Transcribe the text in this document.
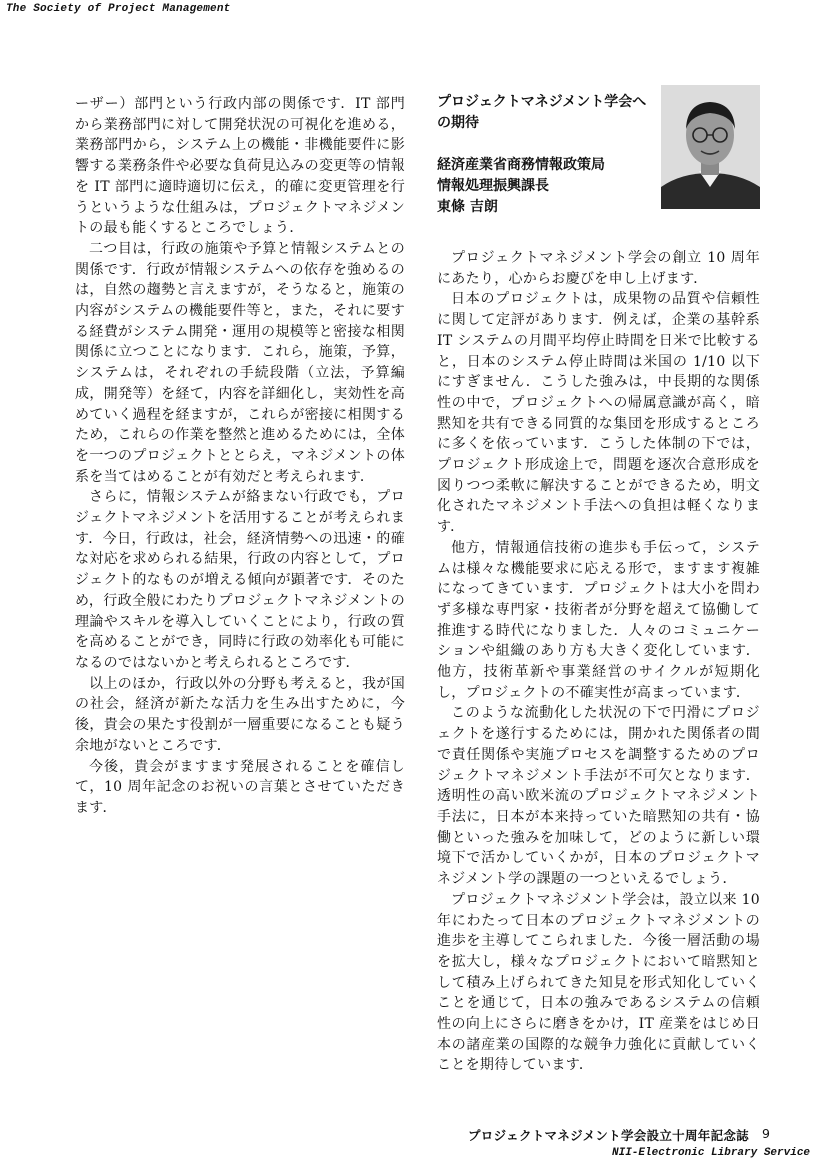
The Society of Project Management

ーザー）部門という行政内部の関係です．IT 部門から業務部門に対して開発状況の可視化を進める，業務部門から，システム上の機能・非機能要件に影響する業務条件や必要な負荷見込みの変更等の情報を IT 部門に適時適切に伝え，的確に変更管理を行うというような仕組みは，プロジェクトマネジメントの最も能くするところでしょう．

二つ目は，行政の施策や予算と情報システムとの関係です．行政が情報システムへの依存を強めるのは，自然の趨勢と言えますが，そうなると，施策の内容がシステムの機能要件等と，また，それに要する経費がシステム開発・運用の規模等と密接な相関関係に立つことになります．これら，施策，予算，システムは，それぞれの手続段階（立法，予算編成，開発等）を経て，内容を詳細化し，実効性を高めていく過程を経ますが，これらが密接に相関するため，これらの作業を整然と進めるためには，全体を一つのプロジェクトととらえ，マネジメントの体系を当てはめることが有効だと考えられます．

さらに，情報システムが絡まない行政でも，プロジェクトマネジメントを活用することが考えられます．今日，行政は，社会，経済情勢への迅速・的確な対応を求められる結果，行政の内容として，プロジェクト的なものが増える傾向が顕著です．そのため，行政全般にわたりプロジェクトマネジメントの理論やスキルを導入していくことにより，行政の質を高めることができ，同時に行政の効率化も可能になるのではないかと考えられるところです．

以上のほか，行政以外の分野も考えると，我が国の社会，経済が新たな活力を生み出すために，今後，貴会の果たす役割が一層重要になることも疑う余地がないところです．

今後，貴会がますます発展されることを確信して，10 周年記念のお祝いの言葉とさせていただきます．

プロジェクトマネジメント学会への期待
経済産業省商務情報政策局
情報処理振興課長
東條 吉朗

プロジェクトマネジメント学会の創立 10 周年にあたり，心からお慶びを申し上げます．

日本のプロジェクトは，成果物の品質や信頼性に関して定評があります．例えば，企業の基幹系 IT システムの月間平均停止時間を日米で比較すると，日本のシステム停止時間は米国の 1/10 以下にすぎません．こうした強みは，中長期的な関係性の中で，プロジェクトへの帰属意識が高く，暗黙知を共有できる同質的な集団を形成するところに多くを依っています．こうした体制の下では，プロジェクト形成途上で，問題を逐次合意形成を図りつつ柔軟に解決することができるため，明文化されたマネジメント手法への負担は軽くなります．

他方，情報通信技術の進歩も手伝って，システムは様々な機能要求に応える形で，ますます複雑になってきています．プロジェクトは大小を問わず多様な専門家・技術者が分野を超えて協働して推進する時代になりました．人々のコミュニケーションや組織のあり方も大きく変化しています．他方，技術革新や事業経営のサイクルが短期化し，プロジェクトの不確実性が高まっています．

このような流動化した状況の下で円滑にプロジェクトを遂行するためには，開かれた関係者の間で責任関係や実施プロセスを調整するためのプロジェクトマネジメント手法が不可欠となります．透明性の高い欧米流のプロジェクトマネジメント手法に，日本が本来持っていた暗黙知の共有・協働といった強みを加味して，どのように新しい環境下で活かしていくかが，日本のプロジェクトマネジメント学の課題の一つといえるでしょう．

プロジェクトマネジメント学会は，設立以来 10 年にわたって日本のプロジェクトマネジメントの進歩を主導してこられました．今後一層活動の場を拡大し，様々なプロジェクトにおいて暗黙知として積み上げられてきた知見を形式知化していくことを通じて，日本の強みであるシステムの信頼性の向上にさらに磨きをかけ，IT 産業をはじめ日本の諸産業の国際的な競争力強化に貢献していくことを期待しています．

プロジェクトマネジメント学会設立十周年記念誌 9
NII-Electronic Library Service
